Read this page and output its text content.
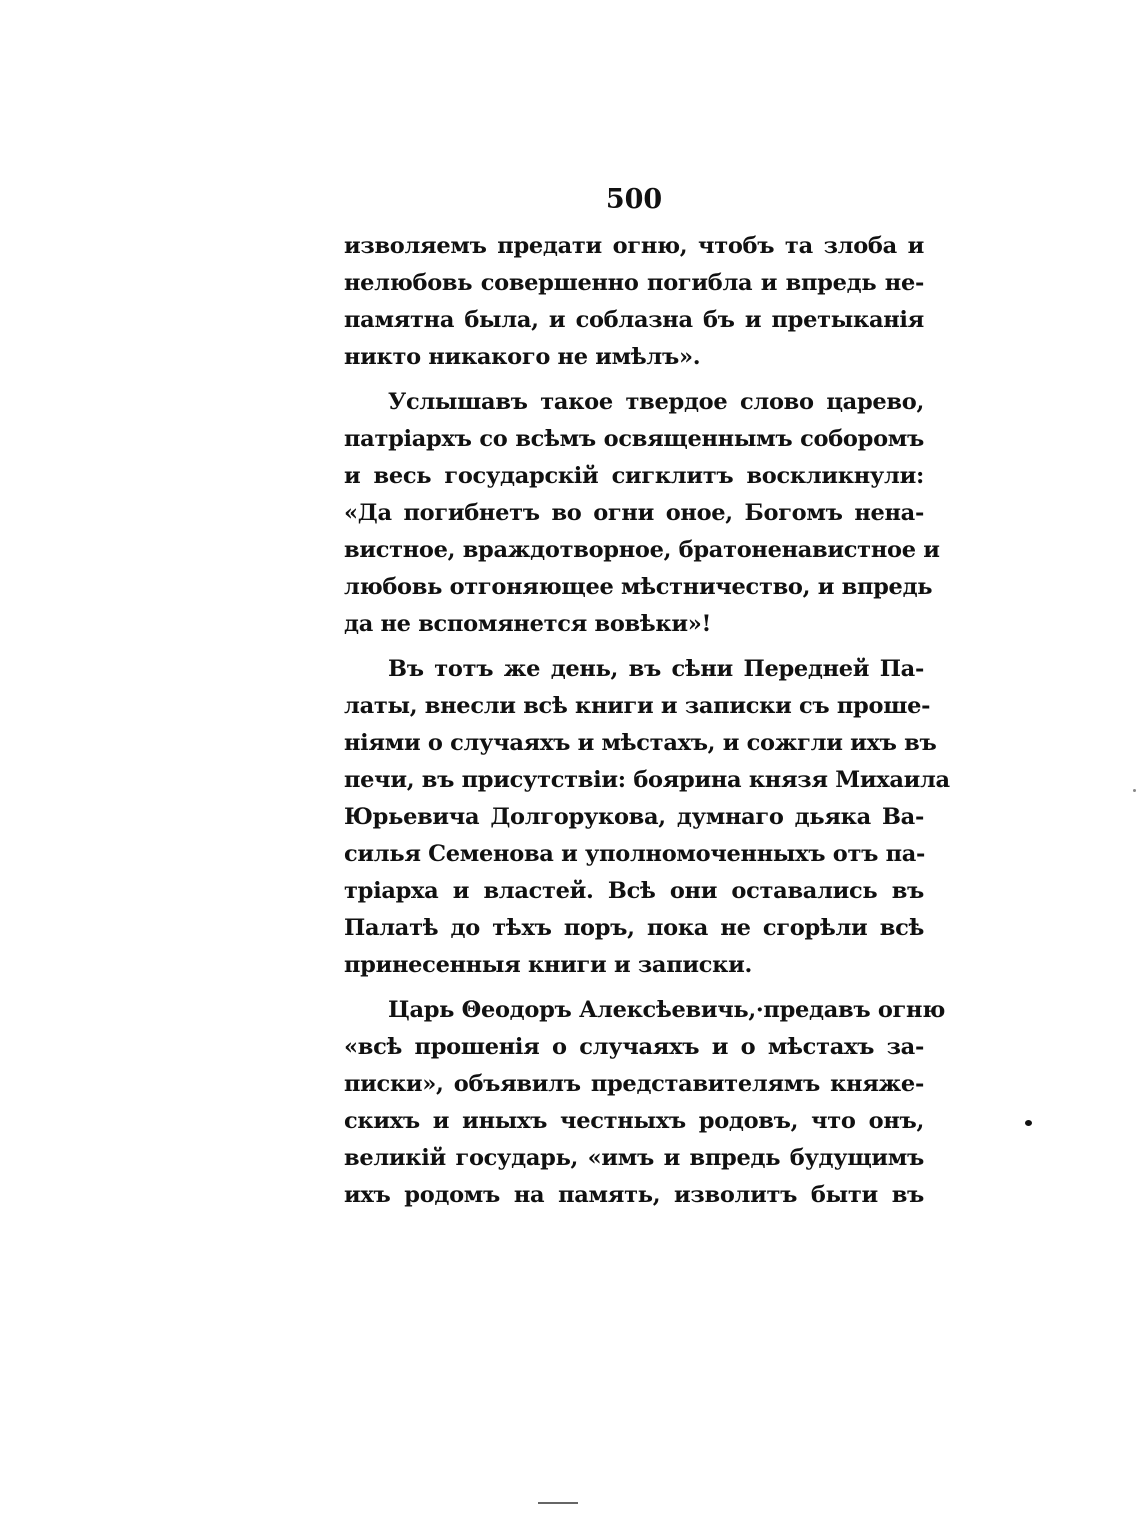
500
изволяемъ предати огню, чтобъ та злоба и
нелюбовь совершенно погибла и впредь не-
памятна была, и соблазна бъ и претыканія
никто никакого не имѣлъ».
Услышавъ такое твердое слово царево,
патріархъ со всѣмъ освященнымъ соборомъ
и весь государскій сигклитъ воскликнули:
«Да погибнетъ во огни оное, Богомъ нена-
вистное, враждотворное, братоненавистное и
любовь отгоняющее мѣстничество, и впредь
да не вспомянется вовѣки»!
Въ тотъ же день, въ сѣни Передней Па-
латы, внесли всѣ книги и записки съ проше-
ніями о случаяхъ и мѣстахъ, и сожгли ихъ въ
печи, въ присутствіи: боярина князя Михаила
Юрьевича Долгорукова, думнаго дьяка Ва-
силья Семенова и уполномоченныхъ отъ па-
тріарха и властей. Всѣ они оставались въ
Палатѣ до тѣхъ поръ, пока не сгорѣли всѣ
принесенныя книги и записки.
Царь Θеодоръ Алексѣевичь,·предавъ огню
«всѣ прошенія о случаяхъ и о мѣстахъ за-
писки», объявилъ представителямъ княже-
скихъ и иныхъ честныхъ родовъ, что онъ,
великій государь, «имъ и впредь будущимъ
ихъ родомъ на память, изволитъ быти въ
